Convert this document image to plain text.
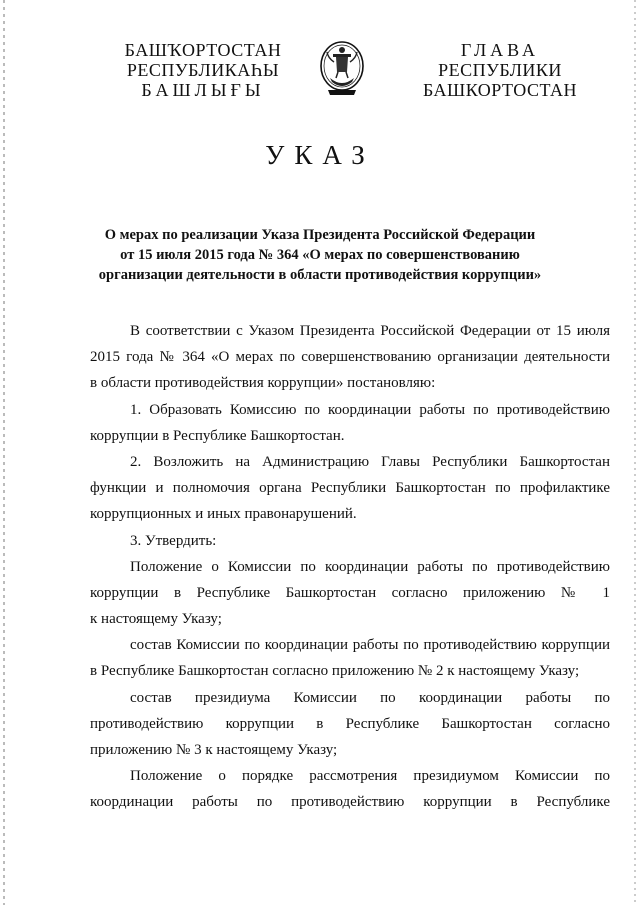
БАШҠОРТОСТАН
РЕСПУБЛИКАҺЫ
БАШЛЫҒЫ
ГЛАВА
РЕСПУБЛИКИ
БАШКОРТОСТАН
УКАЗ
О мерах по реализации Указа Президента Российской Федерации
от 15 июля 2015 года № 364 «О мерах по совершенствованию
организации деятельности в области противодействия коррупции»
В соответствии с Указом Президента Российской Федерации от 15 июля
2015 года № 364 «О мерах по совершенствованию организации деятельности
в области противодействия коррупции» постановляю:
1. Образовать Комиссию по координации работы по противодействию
коррупции в Республике Башкортостан.
2. Возложить на Администрацию Главы Республики Башкортостан
функции и полномочия органа Республики Башкортостан по профилактике
коррупционных и иных правонарушений.
3. Утвердить:
Положение о Комиссии по координации работы по противодействию
коррупции в Республике Башкортостан согласно приложению № 1
к настоящему Указу;
состав Комиссии по координации работы по противодействию коррупции
в Республике Башкортостан согласно приложению № 2 к настоящему Указу;
состав президиума Комиссии по координации работы по
противодействию коррупции в Республике Башкортостан согласно
приложению № 3 к настоящему Указу;
Положение о порядке рассмотрения президиумом Комиссии по
координации работы по противодействию коррупции в Республике
